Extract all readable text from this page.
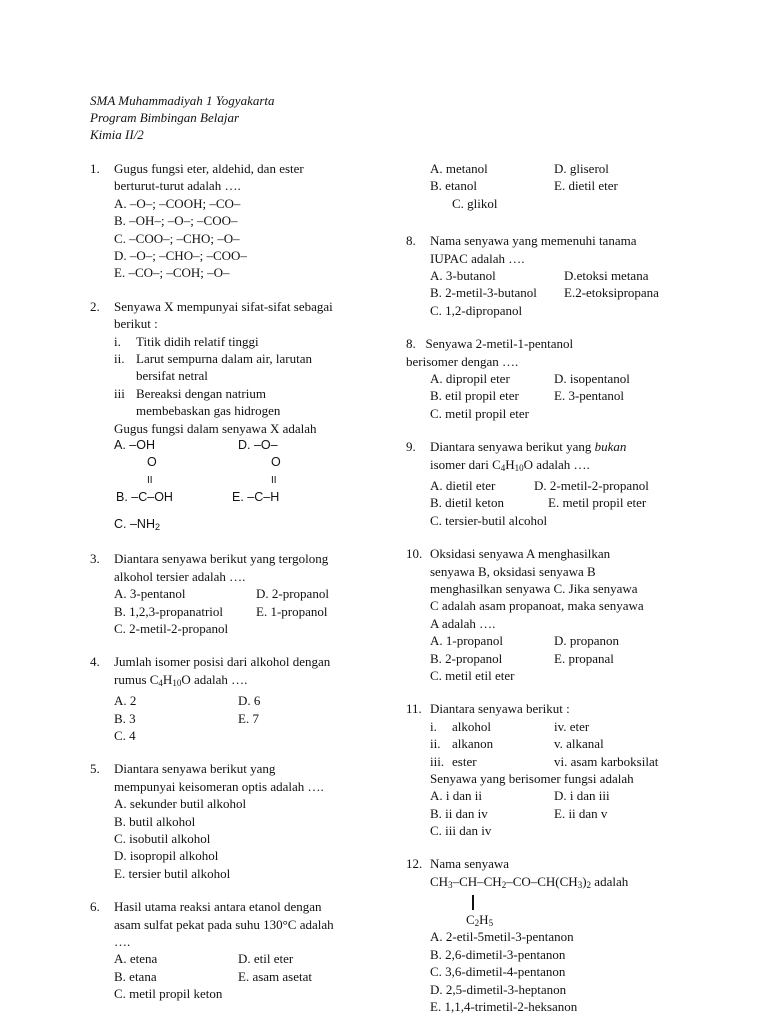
SMA Muhammadiyah 1 Yogyakarta
Program Bimbingan Belajar
Kimia II/2
1. Gugus fungsi eter, aldehid, dan ester
berturut-turut adalah ….
A. –O–; –COOH; –CO–
B. –OH–; –O–; –COO–
C. –COO–; –CHO; –O–
D. –O–; –CHO–; –COO–
E. –CO–; –COH; –O–
2. Senyawa X mempunyai sifat-sifat sebagai
berikut :
i. Titik didih relatif tinggi
ii. Larut sempurna dalam air, larutan
bersifat netral
iii Bereaksi dengan natrium
membebaskan gas hidrogen
Gugus fungsi dalam senyawa X adalah
A. –OH	D. –O–
O	O
II	II
B. –C–OH	E. –C–H
C. $-NH_2$
3. Diantara senyawa berikut yang tergolong
alkohol tersier adalah ….
A. 3-pentanol	D. 2-propanol
B. 1,2,3-propanatriol	E. 1-propanol
C. 2-metil-2-propanol
4. Jumlah isomer posisi dari alkohol dengan
rumus $C_4H_{10}O$ adalah ….
A. 2	D. 6
B. 3	E. 7
C. 4
5. Diantara senyawa berikut yang
mempunyai keisomeran optis adalah ….
A. sekunder butil alkohol
B. butil alkohol
C. isobutil alkohol
D. isopropil alkohol
E. tersier butil alkohol
6. Hasil utama reaksi antara etanol dengan
asam sulfat pekat pada suhu 130°C adalah
….
A. etena	D. etil eter
B. etana	E. asam asetat
C. metil propil keton
A. metanol	D. gliserol
B. etanol	E. dietil eter
C. glikol
8. Nama senyawa yang memenuhi tanama
IUPAC adalah ….
A. 3-butanol	D.etoksi metana
B. 2-metil-3-butanol E.2-etoksipropana
C. 1,2-dipropanol
8. Senyawa 2-metil-1-pentanol
berisomer dengan ….
A. dipropil eter	D. isopentanol
B. etil propil eter	E. 3-pentanol
C. metil propil eter
9. Diantara senyawa berikut yang bukan
isomer dari $C_4H_{10}O$ adalah ….
A. dietil eter	D. 2-metil-2-propanol
B. dietil keton	E. metil propil eter
C. tersier-butil alcohol
10. Oksidasi senyawa A menghasilkan
senyawa B, oksidasi senyawa B
menghasilkan senyawa C. Jika senyawa
C adalah asam propanoat, maka senyawa
A adalah ….
A. 1-propanol	D. propanon
B. 2-propanol	E. propanal
C. metil etil eter
11. Diantara senyawa berikut :
i. alkohol	iv. eter
ii. alkanon	v. alkanal
iii. ester	vi. asam karboksilat
Senyawa yang berisomer fungsi adalah
A. i dan ii	D. i dan iii
B. ii dan iv	E. ii dan v
C. iii dan iv
12. Nama senyawa
$CH_3-CH-CH_2-CO-CH(CH_3)_2$ adalah
$C_2H_5$
A. 2-etil-5metil-3-pentanon
B. 2,6-dimetil-3-pentanon
C. 3,6-dimetil-4-pentanon
D. 2,5-dimetil-3-heptanon
E. 1,1,4-trimetil-2-heksanon
